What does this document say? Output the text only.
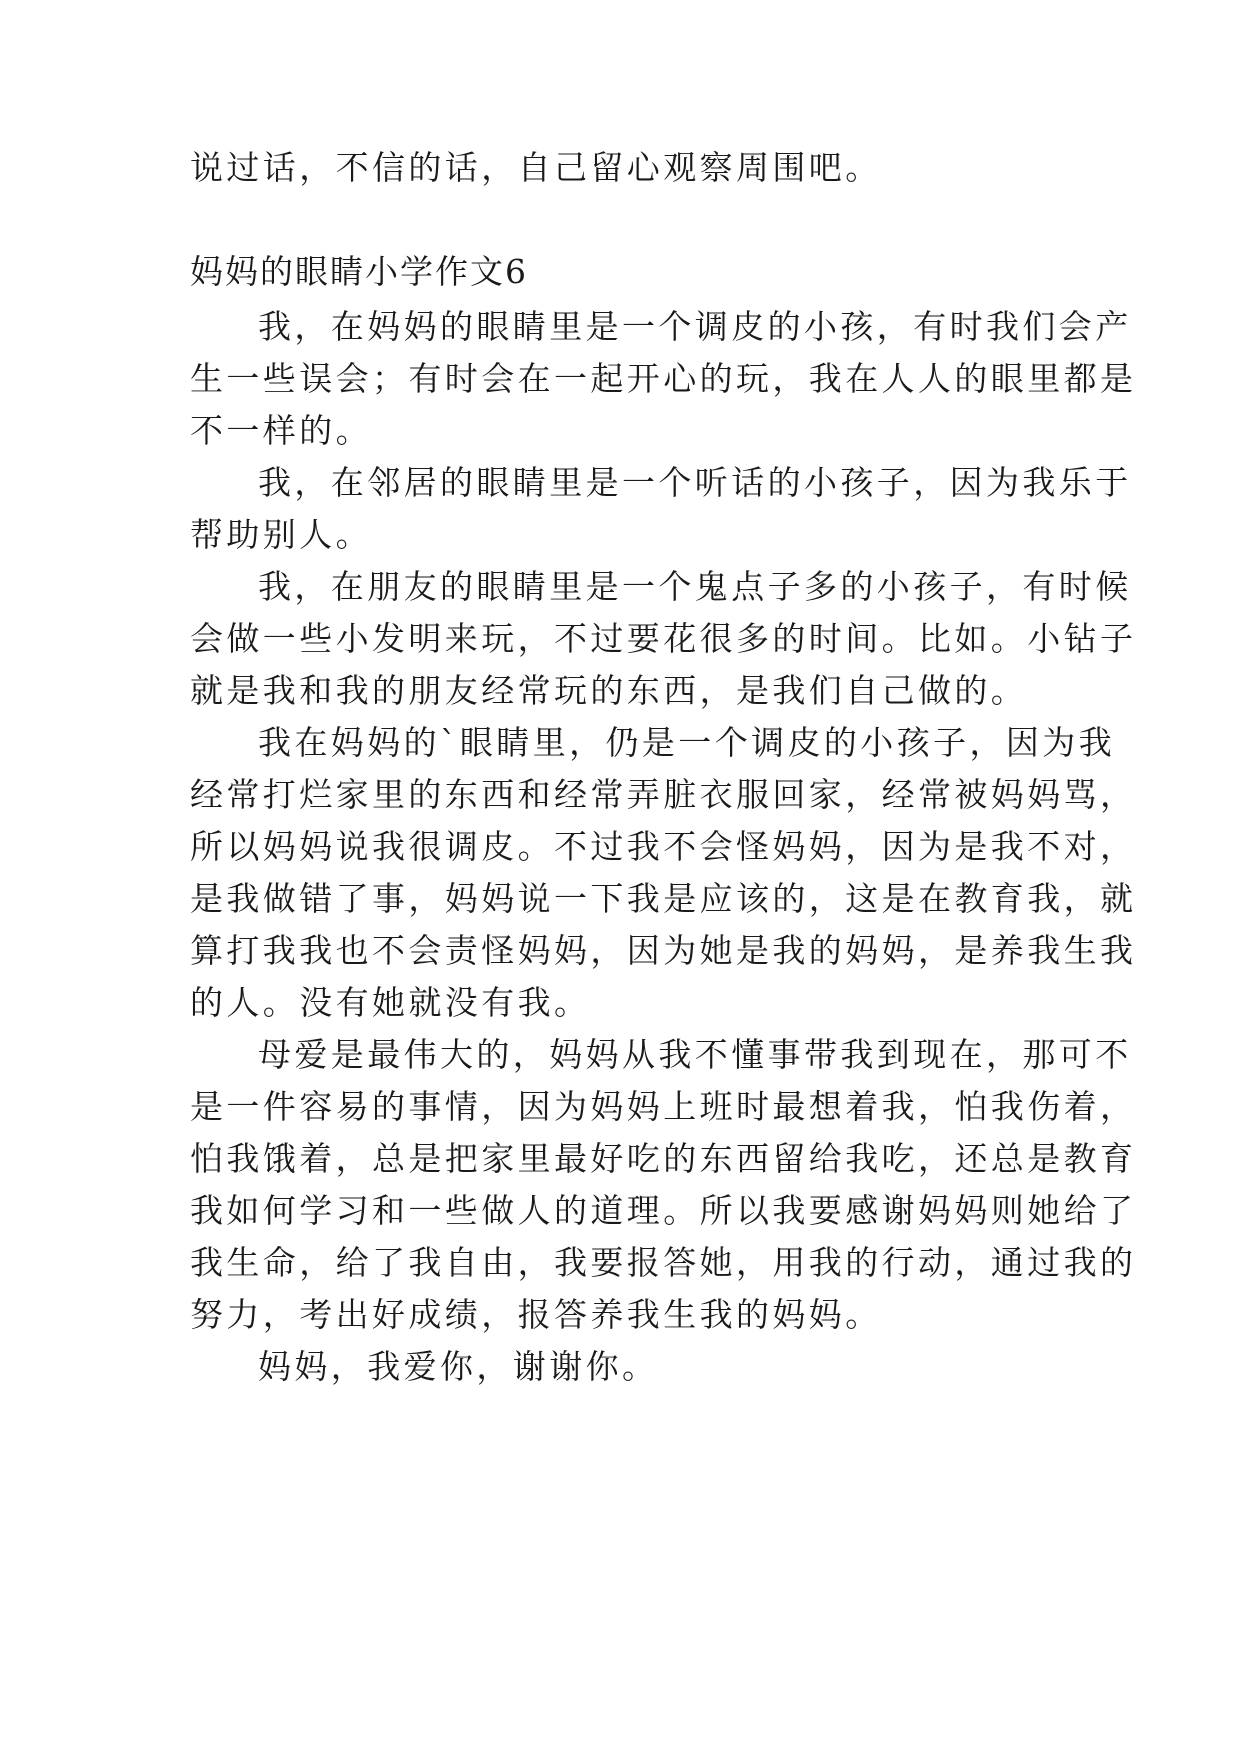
说过话，不信的话，自己留心观察周围吧。
妈妈的眼睛小学作文6
我，在妈妈的眼睛里是一个调皮的小孩，有时我们会产
生一些误会；有时会在一起开心的玩，我在人人的眼里都是
不一样的。
我，在邻居的眼睛里是一个听话的小孩子，因为我乐于
帮助别人。
我，在朋友的眼睛里是一个鬼点子多的小孩子，有时候
会做一些小发明来玩，不过要花很多的时间。比如。小钻子
就是我和我的朋友经常玩的东西，是我们自己做的。
我在妈妈的`眼睛里，仍是一个调皮的小孩子，因为我
经常打烂家里的东西和经常弄脏衣服回家，经常被妈妈骂，
所以妈妈说我很调皮。不过我不会怪妈妈，因为是我不对，
是我做错了事，妈妈说一下我是应该的，这是在教育我，就
算打我我也不会责怪妈妈，因为她是我的妈妈，是养我生我
的人。没有她就没有我。
母爱是最伟大的，妈妈从我不懂事带我到现在，那可不
是一件容易的事情，因为妈妈上班时最想着我，怕我伤着，
怕我饿着，总是把家里最好吃的东西留给我吃，还总是教育
我如何学习和一些做人的道理。所以我要感谢妈妈则她给了
我生命，给了我自由，我要报答她，用我的行动，通过我的
努力，考出好成绩，报答养我生我的妈妈。
妈妈，我爱你，谢谢你。
